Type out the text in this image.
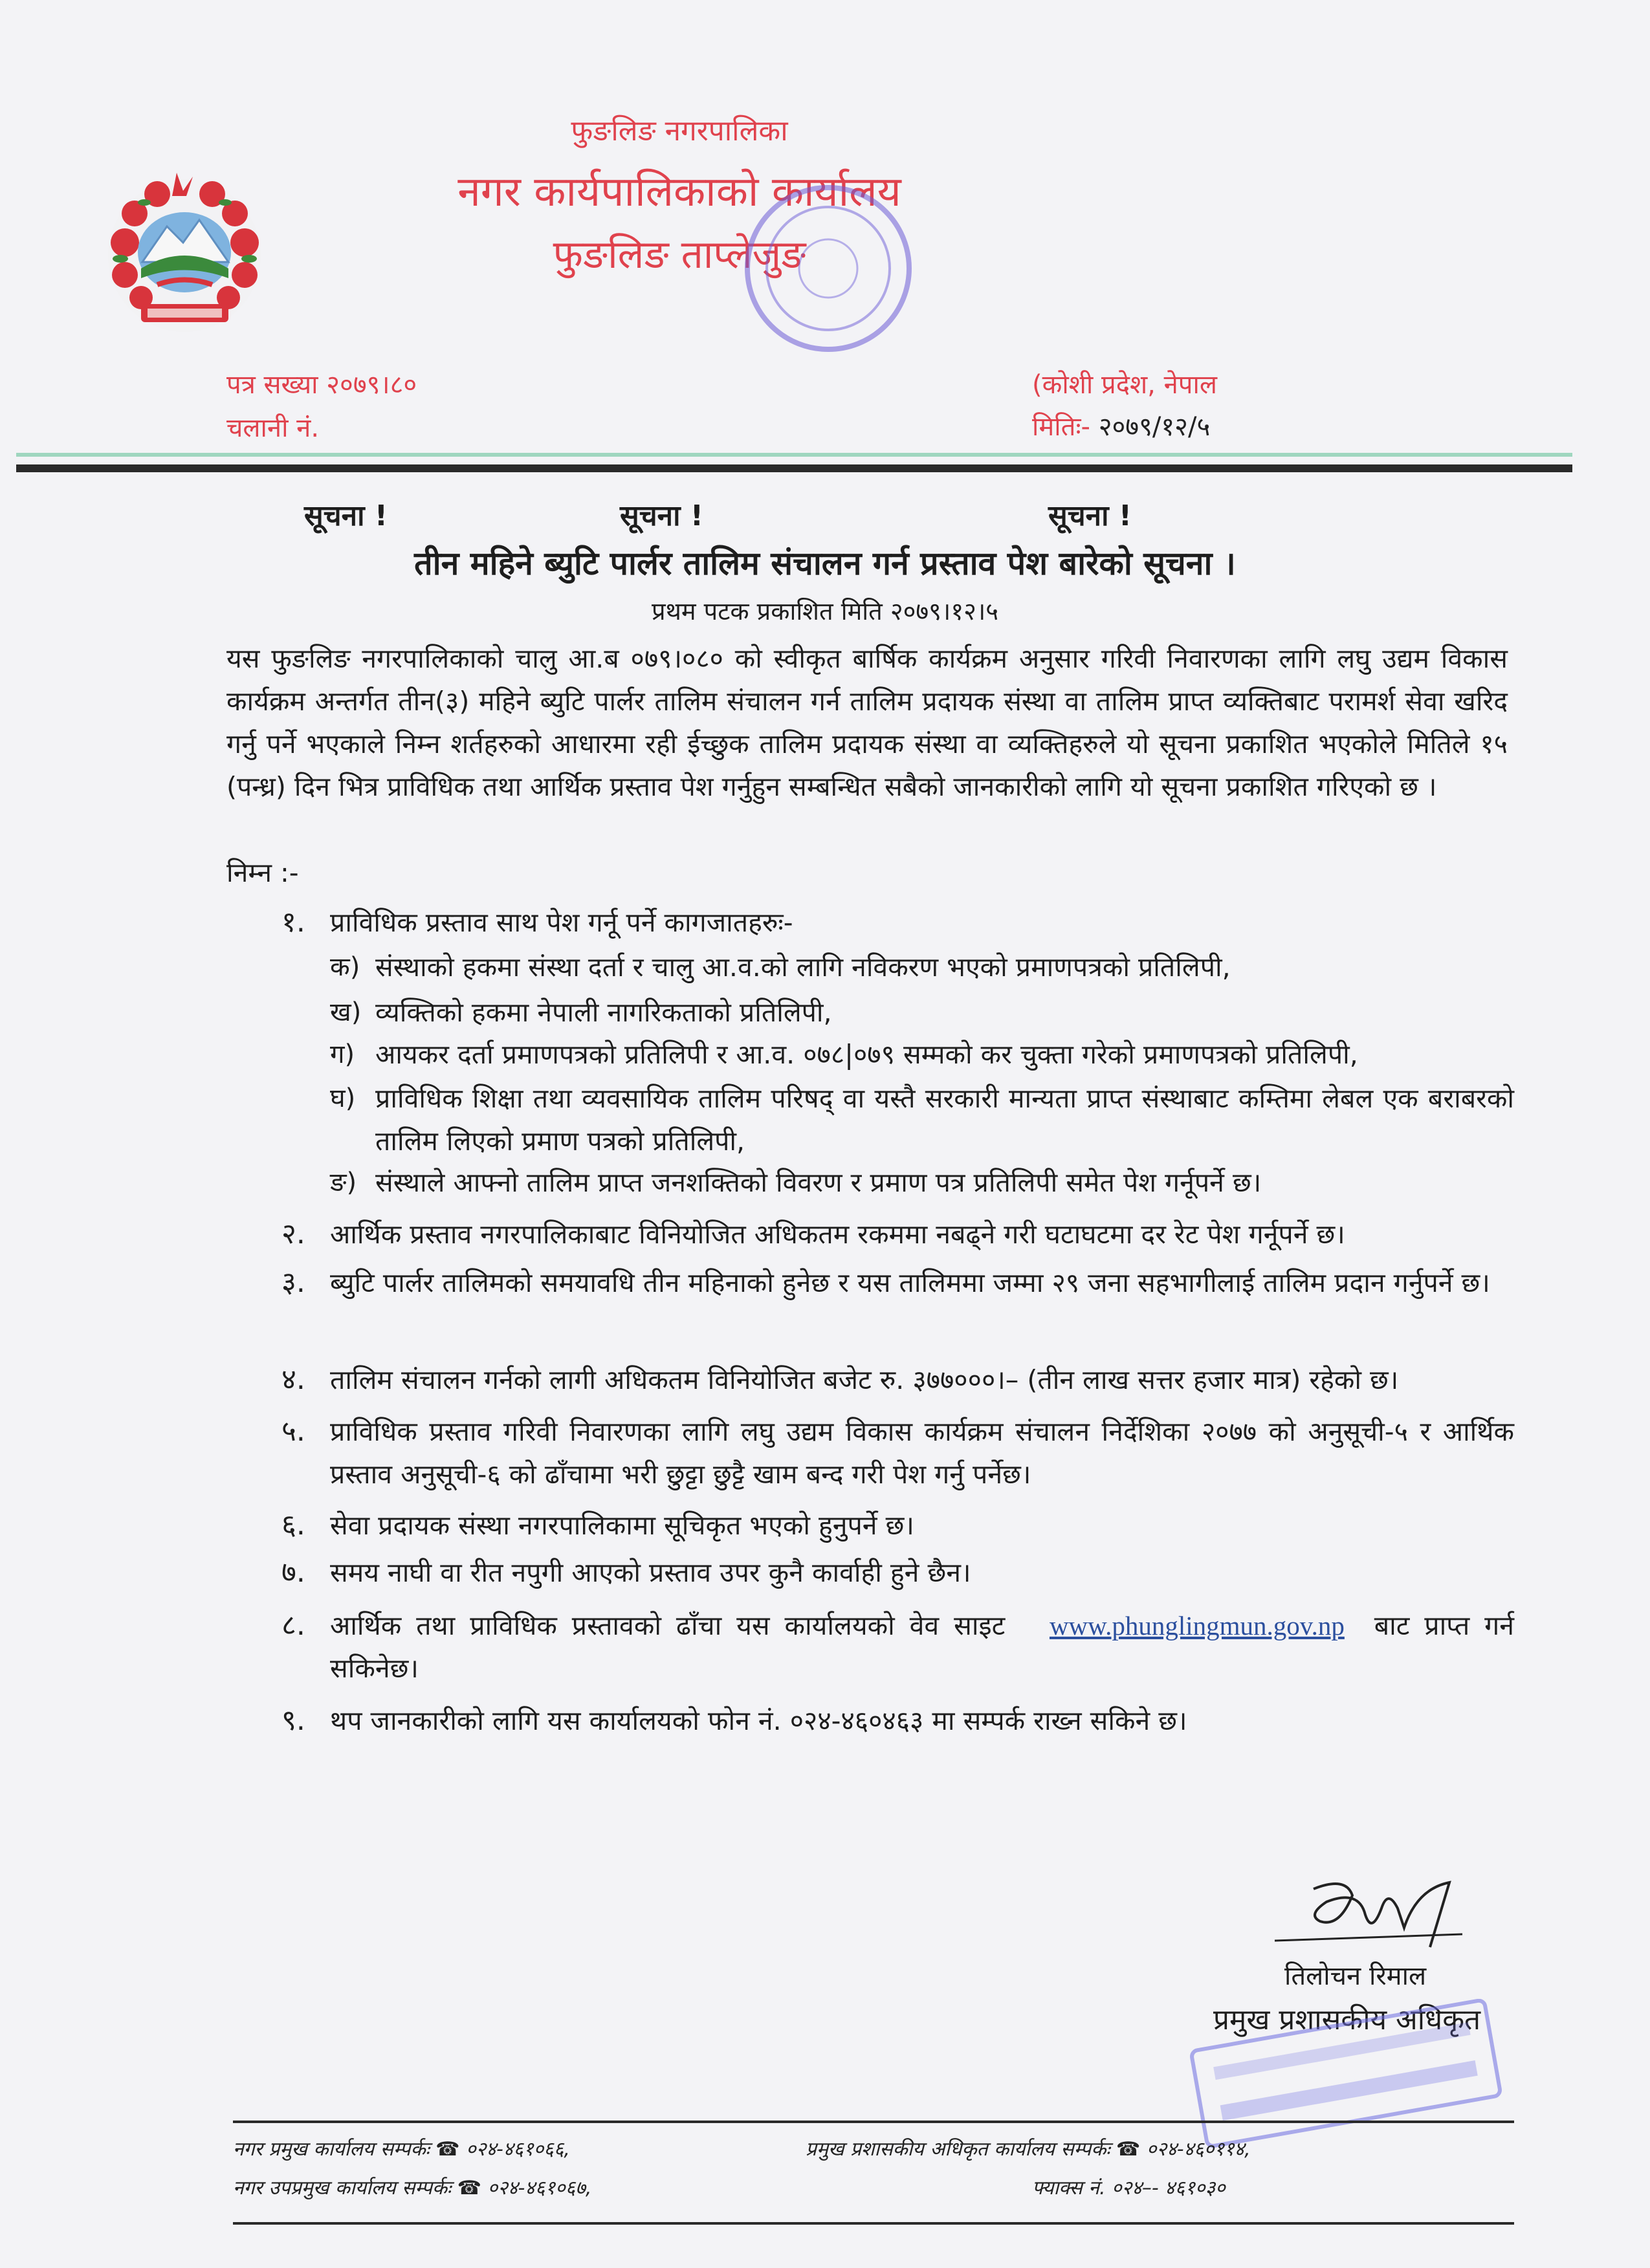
फुङलिङ नगरपालिका
नगर कार्यपालिकाको कार्यालय
फुङलिङ ताप्लेजुङ
पत्र सख्या २०७९।८०
चलानी नं.
(कोशी प्रदेश, नेपाल
मितिः- २०७९/१२/५
सूचना !	सूचना !	सूचना !
तीन महिने ब्युटि पार्लर तालिम संचालन गर्न प्रस्ताव पेश बारेको सूचना ।
प्रथम पटक प्रकाशित मिति २०७९।१२।५
यस फुङलिङ नगरपालिकाको चालु आ.ब ०७९।०८० को स्वीकृत बार्षिक कार्यक्रम अनुसार गरिवी निवारणका लागि लघु उद्यम विकास कार्यक्रम अन्तर्गत तीन(३) महिने ब्युटि पार्लर तालिम संचालन गर्न तालिम प्रदायक संस्था वा तालिम प्राप्त व्यक्तिबाट परामर्श सेवा खरिद गर्नु पर्ने भएकाले निम्न शर्तहरुको आधारमा रही ईच्छुक तालिम प्रदायक संस्था वा व्यक्तिहरुले यो सूचना प्रकाशित भएकोले मितिले १५ (पन्ध्र) दिन भित्र प्राविधिक तथा आर्थिक प्रस्ताव पेश गर्नुहुन सम्बन्धित सबैको जानकारीको लागि यो सूचना प्रकाशित गरिएको छ ।
निम्न :-
१. प्राविधिक प्रस्ताव साथ पेश गर्नू पर्ने कागजातहरुः-
क) संस्थाको हकमा संस्था दर्ता र चालु आ.व.को लागि नविकरण भएको प्रमाणपत्रको प्रतिलिपी,
ख) व्यक्तिको हकमा नेपाली नागरिकताको प्रतिलिपी,
ग) आयकर दर्ता प्रमाणपत्रको प्रतिलिपी र आ.व. ०७८|०७९ सम्मको कर चुक्ता गरेको प्रमाणपत्रको प्रतिलिपी,
घ) प्राविधिक शिक्षा तथा व्यवसायिक तालिम परिषद् वा यस्तै सरकारी मान्यता प्राप्त संस्थाबाट कम्तिमा लेबल एक बराबरको तालिम लिएको प्रमाण पत्रको प्रतिलिपी,
ङ) संस्थाले आफ्नो तालिम प्राप्त जनशक्तिको विवरण र प्रमाण पत्र प्रतिलिपी समेत पेश गर्नूपर्ने छ।
२. आर्थिक प्रस्ताव नगरपालिकाबाट विनियोजित अधिकतम रकममा नबढ्ने गरी घटाघटमा दर रेट पेश गर्नूपर्ने छ।
३. ब्युटि पार्लर तालिमको समयावधि तीन महिनाको हुनेछ र यस तालिममा जम्मा २९ जना सहभागीलाई तालिम प्रदान गर्नुपर्ने छ।
४. तालिम संचालन गर्नको लागी अधिकतम विनियोजित बजेट रु. ३७७०००।– (तीन लाख सत्तर हजार मात्र) रहेको छ।
५. प्राविधिक प्रस्ताव गरिवी निवारणका लागि लघु उद्यम विकास कार्यक्रम संचालन निर्देशिका २०७७ को अनुसूची-५ र आर्थिक प्रस्ताव अनुसूची-६ को ढाँचामा भरी छुट्टा छुट्टै खाम बन्द गरी पेश गर्नु पर्नेछ।
६. सेवा प्रदायक संस्था नगरपालिकामा सूचिकृत भएको हुनुपर्ने छ।
७. समय नाघी वा रीत नपुगी आएको प्रस्ताव उपर कुनै कार्वाही हुने छैन।
८. आर्थिक तथा प्राविधिक प्रस्तावको ढाँचा यस कार्यालयको वेव साइट www.phunglingmun.gov.np बाट प्राप्त गर्न सकिनेछ।
९. थप जानकारीको लागि यस कार्यालयको फोन नं. ०२४-४६०४६३ मा सम्पर्क राख्न सकिने छ।
तिलोचन रिमाल
प्रमुख प्रशासकीय अधिकृत
नगर प्रमुख कार्यालय सम्पर्कः ☎ ०२४-४६१०६६,
नगर उपप्रमुख कार्यालय सम्पर्कः ☎ ०२४-४६१०६७,
प्रमुख प्रशासकीय अधिकृत कार्यालय सम्पर्कः ☎ ०२४-४६०११४,
फ्याक्स नं. ०२४–- ४६१०३०
